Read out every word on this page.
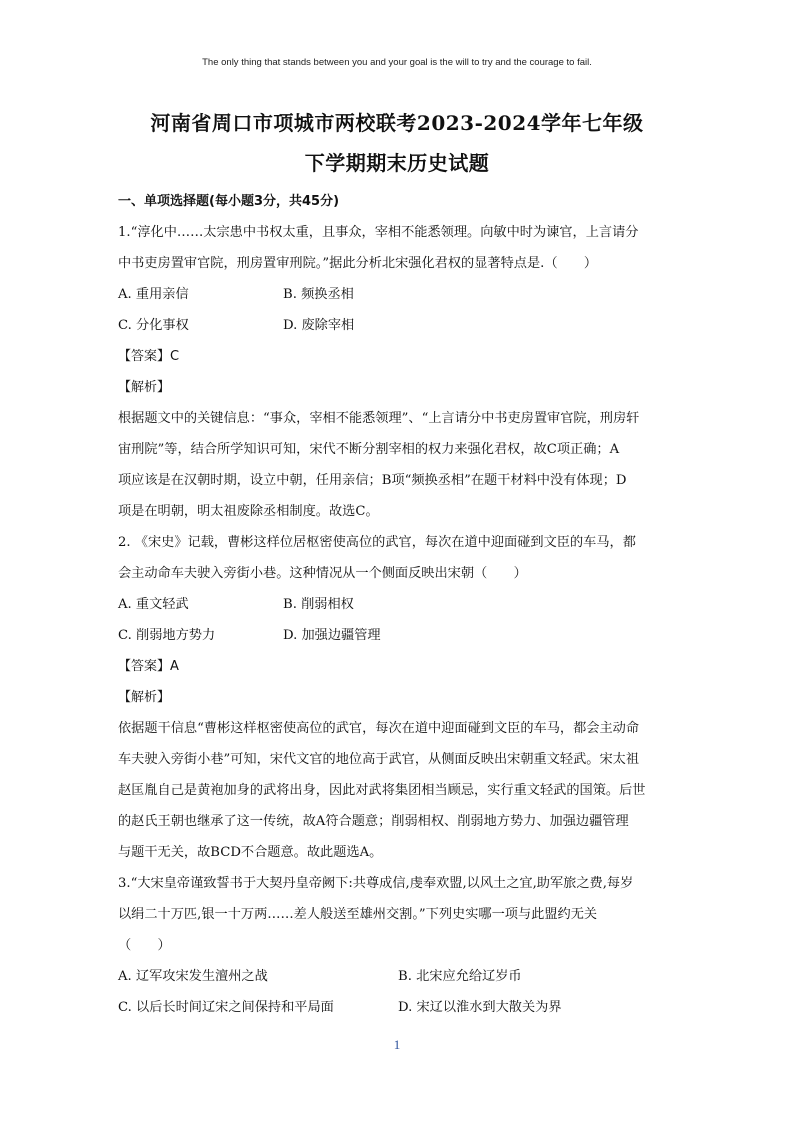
The only thing that stands between you and your goal is the will to try and the courage to fail.
河南省周口市项城市两校联考2023-2024学年七年级
下学期期末历史试题
一、单项选择题(每小题3分，共45分)
1.“淳化中……太宗患中书权太重，且事众，宰相不能悉领理。向敏中时为谏官，上言请分
中书吏房置审官院，刑房置审刑院。”据此分析北宋强化君权的显著特点是.（　　）
A. 重用亲信	B. 频换丞相
C. 分化事权	D. 废除宰相
【答案】C
【解析】
根据题文中的关键信息：“事众，宰相不能悉领理”、“上言请分中书吏房置审官院，刑房轩
宙刑院”等，结合所学知识可知，宋代不断分割宰相的权力来强化君权，故C项正确；A
项应该是在汉朝时期，设立中朝，任用亲信；B项“频换丞相”在题干材料中没有体现；D
项是在明朝，明太祖废除丞相制度。故选C。
2. 《宋史》记载，曹彬这样位居枢密使高位的武官，每次在道中迎面碰到文臣的车马，都
会主动命车夫驶入旁街小巷。这种情况从一个侧面反映出宋朝（　　）
A. 重文轻武	B. 削弱相权
C. 削弱地方势力	D. 加强边疆管理
【答案】A
【解析】
依据题干信息“曹彬这样枢密使高位的武官，每次在道中迎面碰到文臣的车马，都会主动命
车夫驶入旁街小巷”可知，宋代文官的地位高于武官，从侧面反映出宋朝重文轻武。宋太祖
赵匡胤自己是黄袍加身的武将出身，因此对武将集团相当顾忌，实行重文轻武的国策。后世
的赵氏王朝也继承了这一传统，故A符合题意；削弱相权、削弱地方势力、加强边疆管理
与题干无关，故BCD不合题意。故此题选A。
3.“大宋皇帝谨致誓书于大契丹皇帝阙下:共尊成信,虔奉欢盟,以风土之宜,助军旅之费,每岁
以绢二十万匹,银一十万两……差人般送至雄州交割。”下列史实哪一项与此盟约无关
（　　）
A. 辽军攻宋发生澶州之战	B. 北宋应允给辽岁币
C. 以后长时间辽宋之间保持和平局面	D. 宋辽以淮水到大散关为界
1
